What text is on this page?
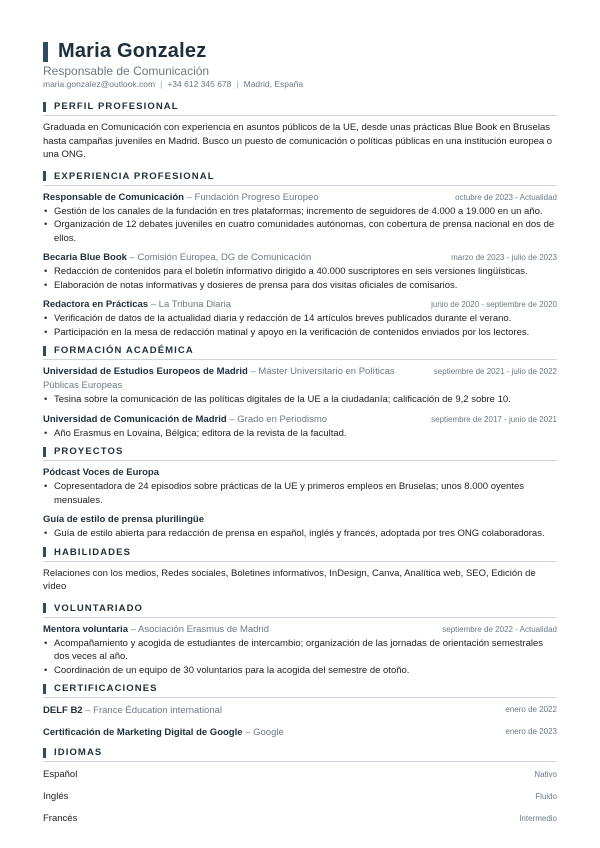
Maria Gonzalez
Responsable de Comunicación
maria.gonzalez@outlook.com | +34 612 345 678 | Madrid, España
PERFIL PROFESIONAL
Graduada en Comunicación con experiencia en asuntos públicos de la UE, desde unas prácticas Blue Book en Bruselas hasta campañas juveniles en Madrid. Busco un puesto de comunicación o políticas públicas en una institución europea o una ONG.
EXPERIENCIA PROFESIONAL
Responsable de Comunicación – Fundación Progreso Europeo	octubre de 2023 - Actualidad
• Gestión de los canales de la fundación en tres plataformas; incremento de seguidores de 4.000 a 19.000 en un año.
• Organización de 12 debates juveniles en cuatro comunidades autónomas, con cobertura de prensa nacional en dos de ellos.
Becaria Blue Book – Comisión Europea, DG de Comunicación	marzo de 2023 - julio de 2023
• Redacción de contenidos para el boletín informativo dirigido a 40.000 suscriptores en seis versiones lingüísticas.
• Elaboración de notas informativas y dosieres de prensa para dos visitas oficiales de comisarios.
Redactora en Prácticas – La Tribuna Diaria	junio de 2020 - septiembre de 2020
• Verificación de datos de la actualidad diaria y redacción de 14 artículos breves publicados durante el verano.
• Participación en la mesa de redacción matinal y apoyo en la verificación de contenidos enviados por los lectores.
FORMACIÓN ACADÉMICA
Universidad de Estudios Europeos de Madrid – Máster Universitario en Políticas Públicas Europeas
septiembre de 2021 - julio de 2022
• Tesina sobre la comunicación de las políticas digitales de la UE a la ciudadanía; calificación de 9,2 sobre 10.
Universidad de Comunicación de Madrid – Grado en Periodismo	septiembre de 2017 - junio de 2021
• Año Erasmus en Lovaina, Bélgica; editora de la revista de la facultad.
PROYECTOS
Pódcast Voces de Europa
• Copresentadora de 24 episodios sobre prácticas de la UE y primeros empleos en Bruselas; unos 8.000 oyentes mensuales.
Guía de estilo de prensa plurilingüe
• Guía de estilo abierta para redacción de prensa en español, inglés y francés, adoptada por tres ONG colaboradoras.
HABILIDADES
Relaciones con los medios, Redes sociales, Boletines informativos, InDesign, Canva, Analítica web, SEO, Edición de vídeo
VOLUNTARIADO
Mentora voluntaria – Asociación Erasmus de Madrid	septiembre de 2022 - Actualidad
• Acompañamiento y acogida de estudiantes de intercambio; organización de las jornadas de orientación semestrales dos veces al año.
• Coordinación de un equipo de 30 voluntarios para la acogida del semestre de otoño.
CERTIFICACIONES
DELF B2 – France Éducation international	enero de 2022
Certificación de Marketing Digital de Google – Google	enero de 2023
IDIOMAS
Español	Nativo
Inglés	Fluido
Francés	Intermedio
